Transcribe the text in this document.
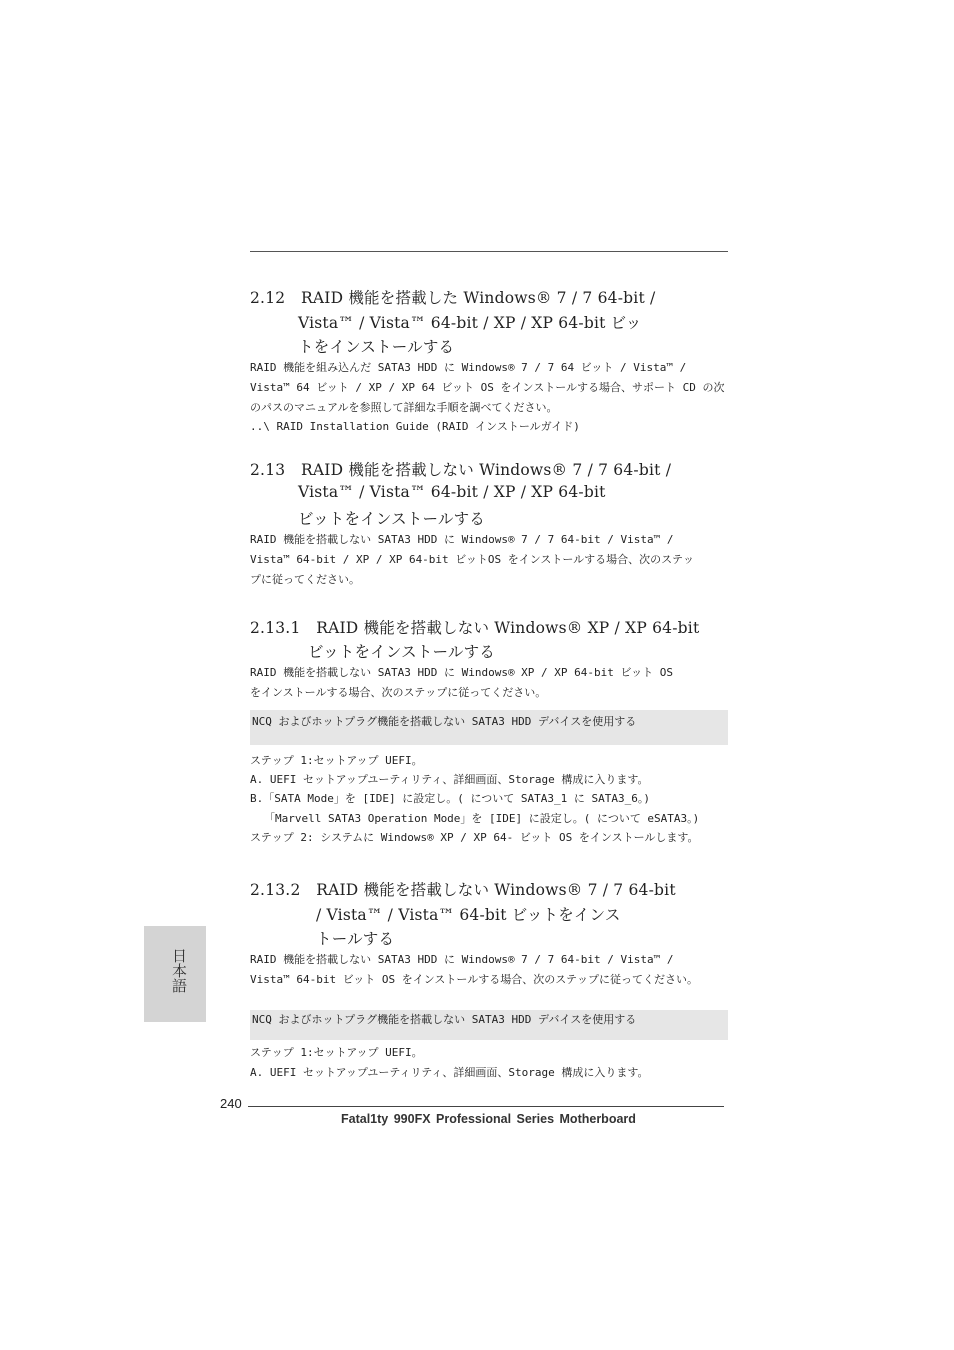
2.12　RAID 機能を搭載した Windows® 7 / 7 64-bit /
Vista™ / Vista™ 64-bit / XP / XP 64-bit ビッ
トをインストールする
RAID 機能を組み込んだ SATA3 HDD に Windows® 7 / 7 64 ビット / Vista™ /
Vista™ 64 ビット / XP / XP 64 ビット OS をインストールする場合、サポート CD の次
のパスのマニュアルを参照して詳細な手順を調べてください。
..\ RAID Installation Guide (RAID インストールガイド)
2.13　RAID 機能を搭載しない Windows® 7 / 7 64-bit /
Vista™ / Vista™ 64-bit / XP / XP 64-bit
ビットをインストールする
RAID 機能を搭載しない SATA3 HDD に Windows® 7 / 7 64-bit / Vista™ /
Vista™ 64-bit / XP / XP 64-bit ビットOS をインストールする場合、次のステッ
プに従ってください。
2.13.1　RAID 機能を搭載しない Windows® XP / XP 64-bit
ビットをインストールする
RAID 機能を搭載しない SATA3 HDD に Windows® XP / XP 64-bit ビット OS
をインストールする場合、次のステップに従ってください。
NCQ およびホットプラグ機能を搭載しない SATA3 HDD デバイスを使用する
ステップ 1:セットアップ UEFI。
A. UEFI セットアップユーティリティ、詳細画面、Storage 構成に入ります。
B.「SATA Mode」を [IDE] に設定し。( について SATA3_1 に SATA3_6。)
「Marvell SATA3 Operation Mode」を [IDE] に設定し。( について eSATA3。)
ステップ 2: システムに Windows® XP / XP 64- ビット OS をインストールします。
2.13.2　RAID 機能を搭載しない Windows® 7 / 7 64-bit
/ Vista™ / Vista™ 64-bit ビットをインス
トールする
RAID 機能を搭載しない SATA3 HDD に Windows® 7 / 7 64-bit / Vista™ /
Vista™ 64-bit ビット OS をインストールする場合、次のステップに従ってください。
NCQ およびホットプラグ機能を搭載しない SATA3 HDD デバイスを使用する
ステップ 1:セットアップ UEFI。
A. UEFI セットアップユーティリティ、詳細画面、Storage 構成に入ります。
日本語
240
Fatal1ty 990FX Professional Series Motherboard
